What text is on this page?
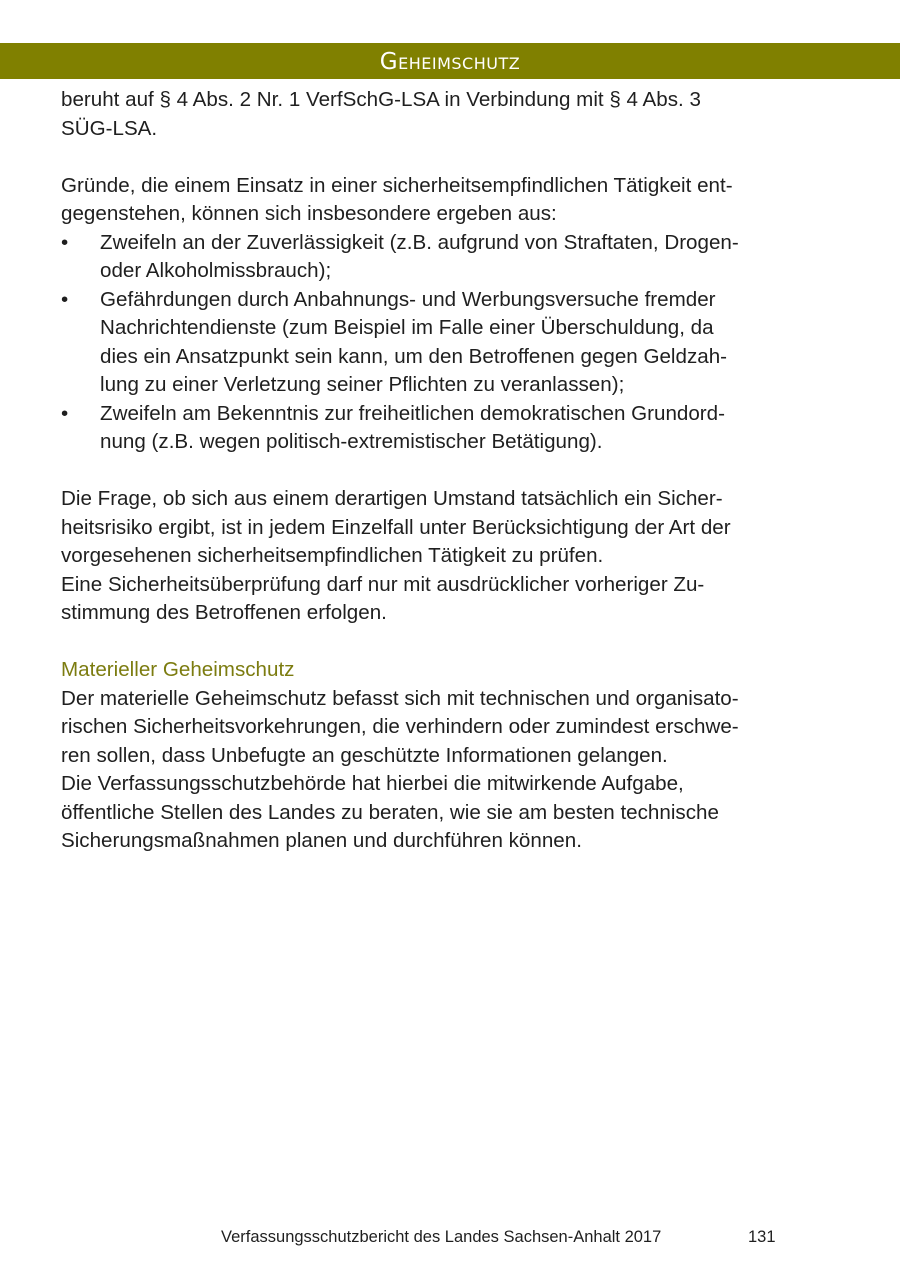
Geheimschutz

beruht auf § 4 Abs. 2 Nr. 1 VerfSchG-LSA in Verbindung mit § 4 Abs. 3
SÜG-LSA.

Gründe, die einem Einsatz in einer sicherheitsempfindlichen Tätigkeit ent-
gegenstehen, können sich insbesondere ergeben aus:

• Zweifeln an der Zuverlässigkeit (z.B. aufgrund von Straftaten, Drogen-
oder Alkoholmissbrauch);
• Gefährdungen durch Anbahnungs- und Werbungsversuche fremder
Nachrichtendienste (zum Beispiel im Falle einer Überschuldung, da
dies ein Ansatzpunkt sein kann, um den Betroffenen gegen Geldzah-
lung zu einer Verletzung seiner Pflichten zu veranlassen);
• Zweifeln am Bekenntnis zur freiheitlichen demokratischen Grundord-
nung (z.B. wegen politisch-extremistischer Betätigung).

Die Frage, ob sich aus einem derartigen Umstand tatsächlich ein Sicher-
heitsrisiko ergibt, ist in jedem Einzelfall unter Berücksichtigung der Art der
vorgesehenen sicherheitsempfindlichen Tätigkeit zu prüfen.
Eine Sicherheitsüberprüfung darf nur mit ausdrücklicher vorheriger Zu-
stimmung des Betroffenen erfolgen.

Materieller Geheimschutz

Der materielle Geheimschutz befasst sich mit technischen und organisato-
rischen Sicherheitsvorkehrungen, die verhindern oder zumindest erschwe-
ren sollen, dass Unbefugte an geschützte Informationen gelangen.
Die Verfassungsschutzbehörde hat hierbei die mitwirkende Aufgabe,
öffentliche Stellen des Landes zu beraten, wie sie am besten technische
Sicherungsmaßnahmen planen und durchführen können.

Verfassungsschutzbericht des Landes Sachsen-Anhalt 2017	131
